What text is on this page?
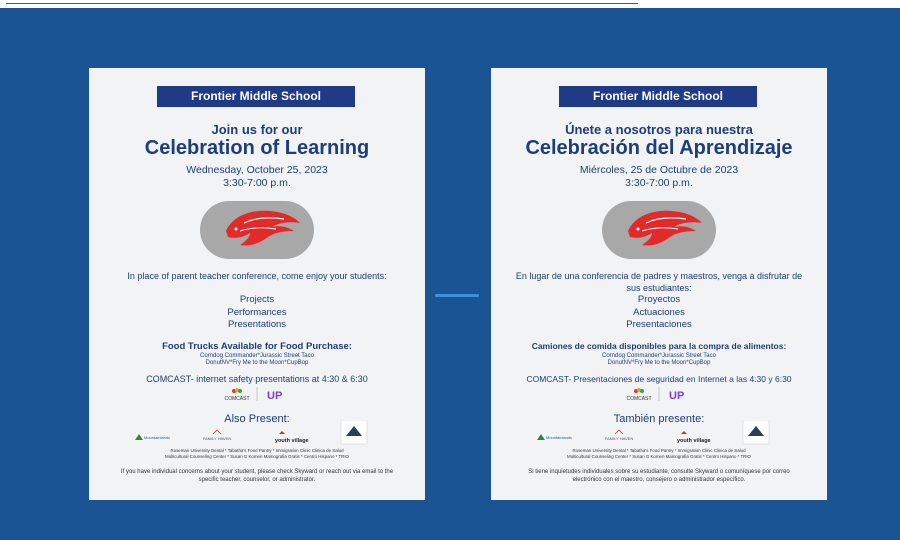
Frontier Middle School
Join us for our
Celebration of Learning
Wednesday, October 25, 2023
3:30-7:00 p.m.
In place of parent teacher conference, come enjoy your students:
Projects
Performances
Presentations
Food Trucks Available for Food Purchase:
Corndog Commander*Jurassic Street Taco
DonutNV*Fry Me to the Moon*CupBop
COMCAST- internet safety presentations at 4:30 & 6:30
COMCAST UP
Also Present:
Mountainlands	FAMILY HAVEN	youth village
Roseman University Dental * Tabatha's Food Pantry * Immigration Clinic Clinica de Salud
Multicultural Counseling Center * Susan G Komen Mamografia Gratis * Centro Hispano * TRIO
If you have individual concerns about your student, please check Skyward or reach out via email to the specific teacher, counselor, or administrator.
Frontier Middle School
Únete a nosotros para nuestra
Celebración del Aprendizaje
Miércoles, 25 de Octubre de 2023
3:30-7:00 p.m.
En lugar de una conferencia de padres y maestros, venga a disfrutar de sus estudiantes:
Proyectos
Actuaciones
Presentaciones
Camiones de comida disponibles para la compra de alimentos:
Corndog Commander*Jurassic Street Taco
DonutNV*Fry Me to the Moon*CupBop
COMCAST- Presentaciones de seguridad en Internet a las 4:30 y 6:30
COMCAST UP
También presente:
Mountainlands	FAMILY HAVEN	youth village
Roseman University Dental * Tabatha's Food Pantry * Immigration Clinic Clinica de Salud
Multicultural Counseling Center * Susan G Komen Mamografia Gratis * Centro Hispano * TRIO
Si tiene inquietudes individuales sobre su estudiante, consulte Skyward o comuníquese por correo electrónico con el maestro, consejero o administrador específico.
